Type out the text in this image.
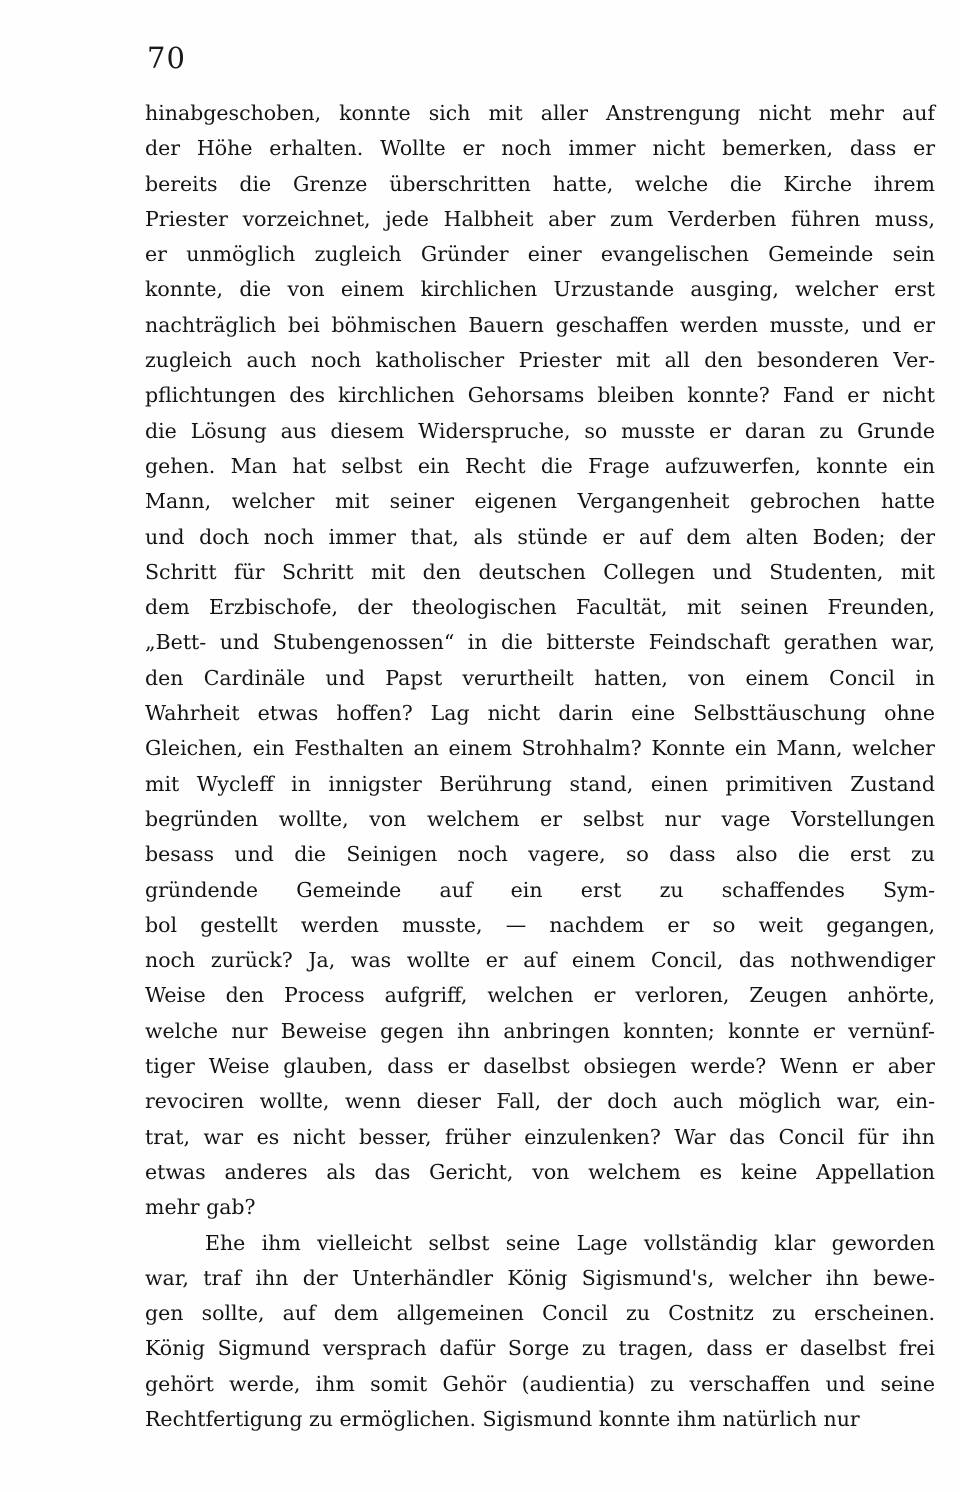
70
hinabgeschoben, konnte sich mit aller Anstrengung nicht mehr auf
der Höhe erhalten. Wollte er noch immer nicht bemerken, dass er
bereits die Grenze überschritten hatte, welche die Kirche ihrem
Priester vorzeichnet, jede Halbheit aber zum Verderben führen muss,
er unmöglich zugleich Gründer einer evangelischen Gemeinde sein
konnte, die von einem kirchlichen Urzustande ausging, welcher erst
nachträglich bei böhmischen Bauern geschaffen werden musste, und er
zugleich auch noch katholischer Priester mit all den besonderen Ver-
pflichtungen des kirchlichen Gehorsams bleiben konnte? Fand er nicht
die Lösung aus diesem Widerspruche, so musste er daran zu Grunde
gehen. Man hat selbst ein Recht die Frage aufzuwerfen, konnte ein
Mann, welcher mit seiner eigenen Vergangenheit gebrochen hatte
und doch noch immer that, als stünde er auf dem alten Boden; der
Schritt für Schritt mit den deutschen Collegen und Studenten, mit
dem Erzbischofe, der theologischen Facultät, mit seinen Freunden,
„Bett- und Stubengenossen“ in die bitterste Feindschaft gerathen war,
den Cardinäle und Papst verurtheilt hatten, von einem Concil in
Wahrheit etwas hoffen? Lag nicht darin eine Selbsttäuschung ohne
Gleichen, ein Festhalten an einem Strohhalm? Konnte ein Mann, welcher
mit Wycleff in innigster Berührung stand, einen primitiven Zustand
begründen wollte, von welchem er selbst nur vage Vorstellungen
besass und die Seinigen noch vagere, so dass also die erst zu
gründende Gemeinde auf ein erst zu schaffendes Sym-
bol gestellt werden musste, — nachdem er so weit gegangen,
noch zurück? Ja, was wollte er auf einem Concil, das nothwendiger
Weise den Process aufgriff, welchen er verloren, Zeugen anhörte,
welche nur Beweise gegen ihn anbringen konnten; konnte er vernünf-
tiger Weise glauben, dass er daselbst obsiegen werde? Wenn er aber
revociren wollte, wenn dieser Fall, der doch auch möglich war, ein-
trat, war es nicht besser, früher einzulenken? War das Concil für ihn
etwas anderes als das Gericht, von welchem es keine Appellation
mehr gab?
Ehe ihm vielleicht selbst seine Lage vollständig klar geworden
war, traf ihn der Unterhändler König Sigismund's, welcher ihn bewe-
gen sollte, auf dem allgemeinen Concil zu Costnitz zu erscheinen.
König Sigmund versprach dafür Sorge zu tragen, dass er daselbst frei
gehört werde, ihm somit Gehör (audientia) zu verschaffen und seine
Rechtfertigung zu ermöglichen. Sigismund konnte ihm natürlich nur
